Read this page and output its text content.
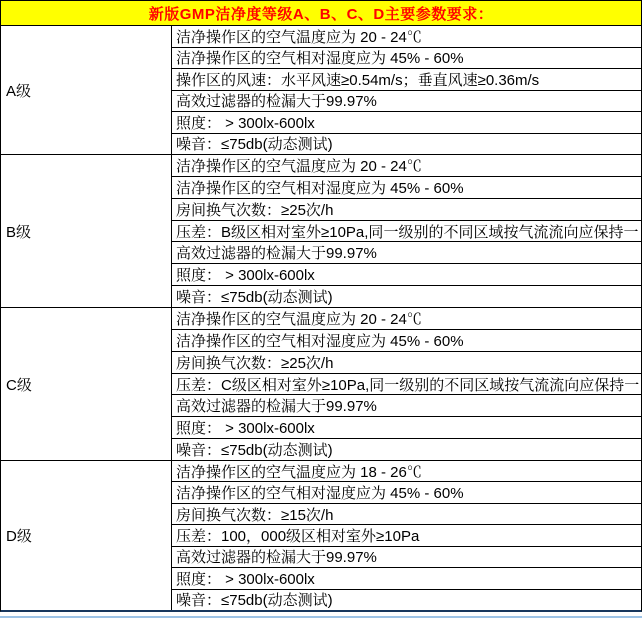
新版GMP洁净度等级A、B、C、D主要参数要求：
A级
洁净操作区的空气温度应为 20 - 24℃
洁净操作区的空气相对湿度应为 45% - 60%
操作区的风速：水平风速≥0.54m/s；垂直风速≥0.36m/s
高效过滤器的检漏大于99.97%
照度： > 300lx-600lx
噪音：≤75db(动态测试)
B级
洁净操作区的空气温度应为 20 - 24℃
洁净操作区的空气相对湿度应为 45% - 60%
房间换气次数：≥25次/h
压差：B级区相对室外≥10Pa,同一级别的不同区域按气流流向应保持一
高效过滤器的检漏大于99.97%
照度： > 300lx-600lx
噪音：≤75db(动态测试)
C级
洁净操作区的空气温度应为 20 - 24℃
洁净操作区的空气相对湿度应为 45% - 60%
房间换气次数：≥25次/h
压差：C级区相对室外≥10Pa,同一级别的不同区域按气流流向应保持一
高效过滤器的检漏大于99.97%
照度： > 300lx-600lx
噪音：≤75db(动态测试)
D级
洁净操作区的空气温度应为 18 - 26℃
洁净操作区的空气相对湿度应为 45% - 60%
房间换气次数：≥15次/h
压差：100，000级区相对室外≥10Pa
高效过滤器的检漏大于99.97%
照度： > 300lx-600lx
噪音：≤75db(动态测试)
